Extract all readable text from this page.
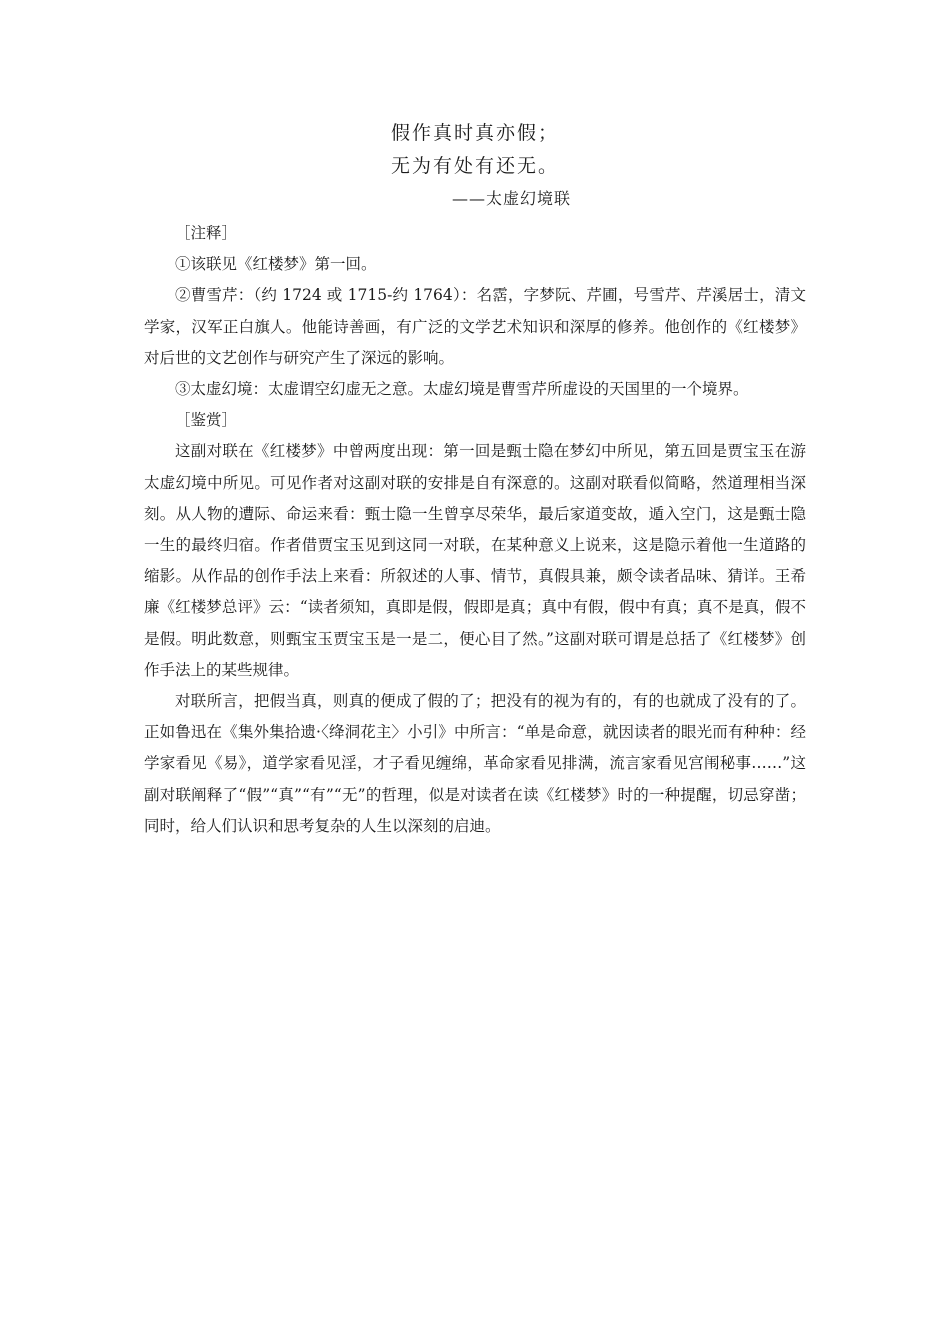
假作真时真亦假；
无为有处有还无。
——太虚幻境联

［注释］

①该联见《红楼梦》第一回。

②曹雪芹：（约 1724 或 1715-约 1764）：名霑，字梦阮、芹圃，号雪芹、芹溪居士，清文学家，汉军正白旗人。他能诗善画，有广泛的文学艺术知识和深厚的修养。他创作的《红楼梦》对后世的文艺创作与研究产生了深远的影响。

③太虚幻境：太虚谓空幻虚无之意。太虚幻境是曹雪芹所虚设的天国里的一个境界。

［鉴赏］

这副对联在《红楼梦》中曾两度出现：第一回是甄士隐在梦幻中所见，第五回是贾宝玉在游太虚幻境中所见。可见作者对这副对联的安排是自有深意的。这副对联看似简略，然道理相当深刻。从人物的遭际、命运来看：甄士隐一生曾享尽荣华，最后家道变故，遁入空门，这是甄士隐一生的最终归宿。作者借贾宝玉见到这同一对联，在某种意义上说来，这是隐示着他一生道路的缩影。从作品的创作手法上来看：所叙述的人事、情节，真假具兼，颇令读者品味、猜详。王希廉《红楼梦总评》云：“读者须知，真即是假，假即是真；真中有假，假中有真；真不是真，假不是假。明此数意，则甄宝玉贾宝玉是一是二，便心目了然。”这副对联可谓是总括了《红楼梦》创作手法上的某些规律。

对联所言，把假当真，则真的便成了假的了；把没有的视为有的，有的也就成了没有的了。正如鲁迅在《集外集拾遗·〈绛洞花主〉小引》中所言：“单是命意，就因读者的眼光而有种种：经学家看见《易》，道学家看见淫，才子看见缠绵，革命家看见排满，流言家看见宫闱秘事……”这副对联阐释了“假”“真”“有”“无”的哲理，似是对读者在读《红楼梦》时的一种提醒，切忌穿凿；同时，给人们认识和思考复杂的人生以深刻的启迪。
